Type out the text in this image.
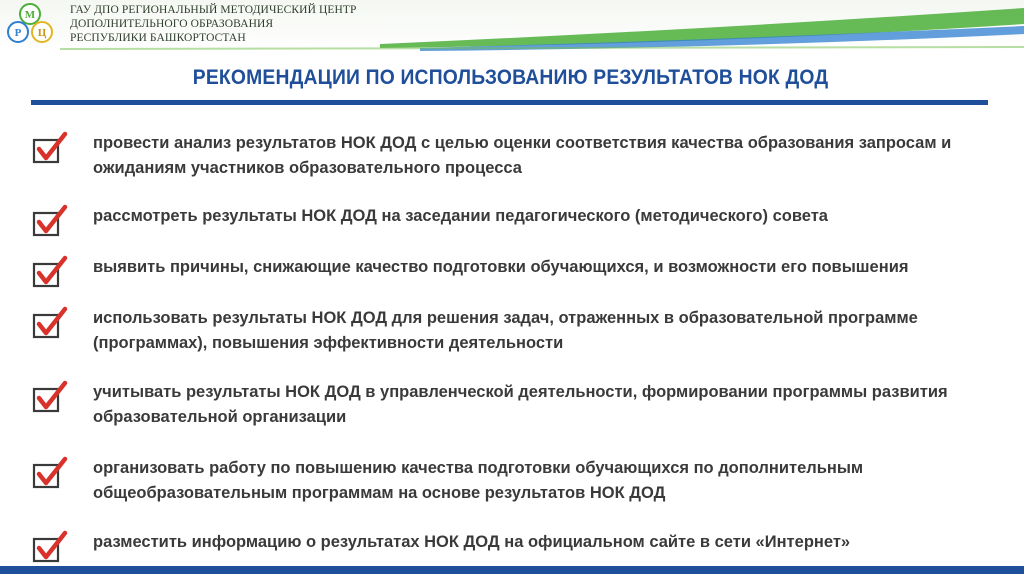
М
Р Ц
ГАУ ДПО РЕГИОНАЛЬНЫЙ МЕТОДИЧЕСКИЙ ЦЕНТР
ДОПОЛНИТЕЛЬНОГО ОБРАЗОВАНИЯ
РЕСПУБЛИКИ БАШКОРТОСТАН
РЕКОМЕНДАЦИИ ПО ИСПОЛЬЗОВАНИЮ РЕЗУЛЬТАТОВ НОК ДОД
провести анализ результатов НОК ДОД с целью оценки соответствия качества образования запросам и ожиданиям участников образовательного процесса
рассмотреть результаты НОК ДОД на заседании педагогического (методического) совета
выявить причины, снижающие качество подготовки обучающихся, и возможности его повышения
использовать результаты НОК ДОД для решения задач, отраженных в образовательной программе (программах), повышения эффективности деятельности
учитывать результаты НОК ДОД в управленческой деятельности, формировании программы развития образовательной организации
организовать работу по повышению качества подготовки обучающихся по дополнительным общеобразовательным программам на основе результатов НОК ДОД
разместить информацию о результатах НОК ДОД на официальном сайте в сети «Интернет»
